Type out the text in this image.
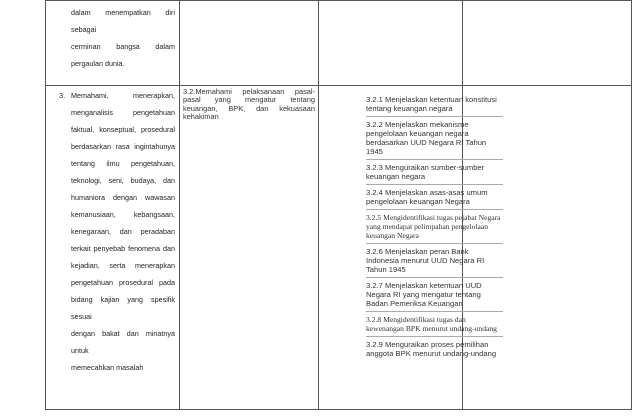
dalam menempatkan diri sebagai
cerminan bangsa dalam
pergaulan dunia.
3. Memahami, menerapkan,
menganalisis pengetahuan
faktual, konseptual, prosedural
berdasarkan rasa ingintahunya
tentang ilmu pengetahuan,
teknologi, seni, budaya, dan
humaniora dengan wawasan
kemanusiaan, kebangsaan,
kenegaraan, dan peradaban
terkait penyebab fenomena dan
kejadian, serta menerapkan
pengetahuan prosedural pada
bidang kajian yang spesifik sesuai
dengan bakat dan minatnya untuk
memecahkan masalah
3.2.Memahami pelaksanaan pasal-pasal yang mengatur tentang keuangan, BPK, dan kekuasaan kehakiman
3.2.1 Menjelaskan ketentuan konstitusi tentang keuangan negara
3.2.2 Menjelaskan mekanisme pengelolaan keuangan negara berdasarkan UUD Negara RI Tahun 1945
3.2.3 Menguraikan sumber-sumber keuangan negara
3.2.4 Menjelaskan asas-asas umum pengelolaan keuangan Negara
3.2.5 Mengidentifikasi tugas pejabat Negara yang mendapat pelimpahan pengelolaan keuangan Negara
3.2.6 Menjelaskan peran Bank Indonesia menurut UUD Negara RI Tahun 1945
3.2.7 Menjelaskan ketentuan UUD Negara RI yang mengatur tentang Badan Pemeriksa Keuangan
3.2.8 Mengidentifikasi tugas dan kewenangan BPK menurut undang-undang
3.2.9 Menguraikan proses pemilihan anggota BPK menurut undang-undang
